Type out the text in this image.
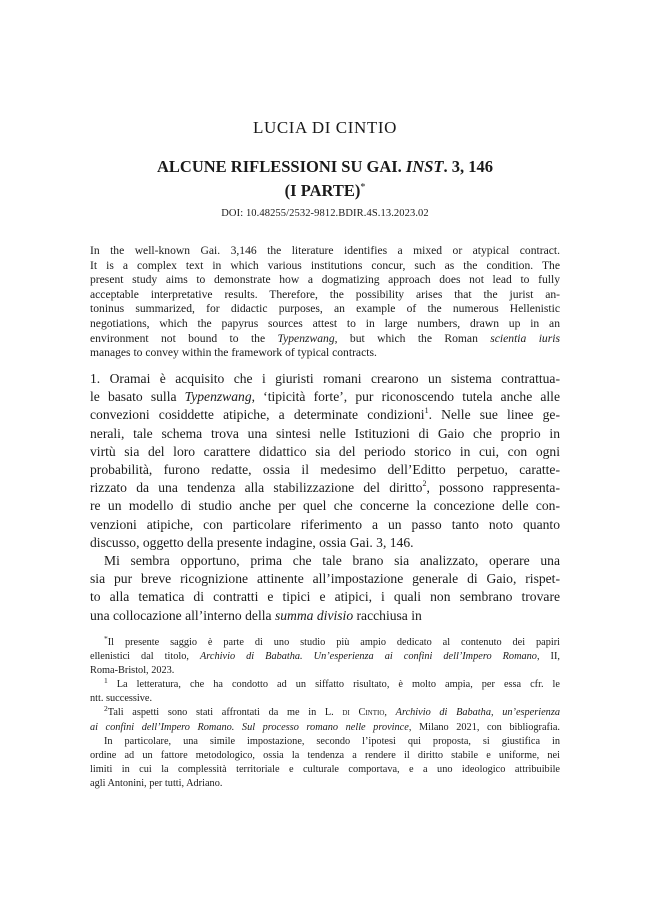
LUCIA DI CINTIO
ALCUNE RIFLESSIONI SU GAI. INST. 3, 146
(I PARTE)*
DOI: 10.48255/2532-9812.BDIR.4S.13.2023.02
In the well-known Gai. 3,146 the literature identifies a mixed or atypical contract.
It is a complex text in which various institutions concur, such as the condition. The
present study aims to demonstrate how a dogmatizing approach does not lead to fully
acceptable interpretative results. Therefore, the possibility arises that the jurist an-
toninus summarized, for didactic purposes, an example of the numerous Hellenistic
negotiations, which the papyrus sources attest to in large numbers, drawn up in an
environment not bound to the Typenzwang, but which the Roman scientia iuris
manages to convey within the framework of typical contracts.
1. Oramai è acquisito che i giuristi romani crearono un sistema contrattua-
le basato sulla Typenzwang, ‘tipicità forte’, pur riconoscendo tutela anche alle
convezioni cosiddette atipiche, a determinate condizioni$^1$. Nelle sue linee ge-
nerali, tale schema trova una sintesi nelle Istituzioni di Gaio che proprio in
virtù sia del loro carattere didattico sia del periodo storico in cui, con ogni
probabilità, furono redatte, ossia il medesimo dell’Editto perpetuo, caratte-
rizzato da una tendenza alla stabilizzazione del diritto$^2$, possono rappresenta-
re un modello di studio anche per quel che concerne la concezione delle con-
venzioni atipiche, con particolare riferimento a un passo tanto noto quanto
discusso, oggetto della presente indagine, ossia Gai. 3, 146.
Mi sembra opportuno, prima che tale brano sia analizzato, operare una
sia pur breve ricognizione attinente all’impostazione generale di Gaio, rispet-
to alla tematica di contratti e tipici e atipici, i quali non sembrano trovare
una collocazione all’interno della summa divisio racchiusa in
*Il presente saggio è parte di uno studio più ampio dedicato al contenuto dei papiri
ellenistici dal titolo, Archivio di Babatha. Un’esperienza ai confini dell’Impero Romano, II,
Roma-Bristol, 2023.
$^1$ La letteratura, che ha condotto ad un siffatto risultato, è molto ampia, per essa cfr. le
ntt. successive.
$^2$Tali aspetti sono stati affrontati da me in L. di Cintio, Archivio di Babatha, un’esperienza
ai confini dell’Impero Romano. Sul processo romano nelle province, Milano 2021, con bibliografia.
In particolare, una simile impostazione, secondo l’ipotesi qui proposta, si giustifica in
ordine ad un fattore metodologico, ossia la tendenza a rendere il diritto stabile e uniforme, nei
limiti in cui la complessità territoriale e culturale comportava, e a uno ideologico attribuibile
agli Antonini, per tutti, Adriano.
